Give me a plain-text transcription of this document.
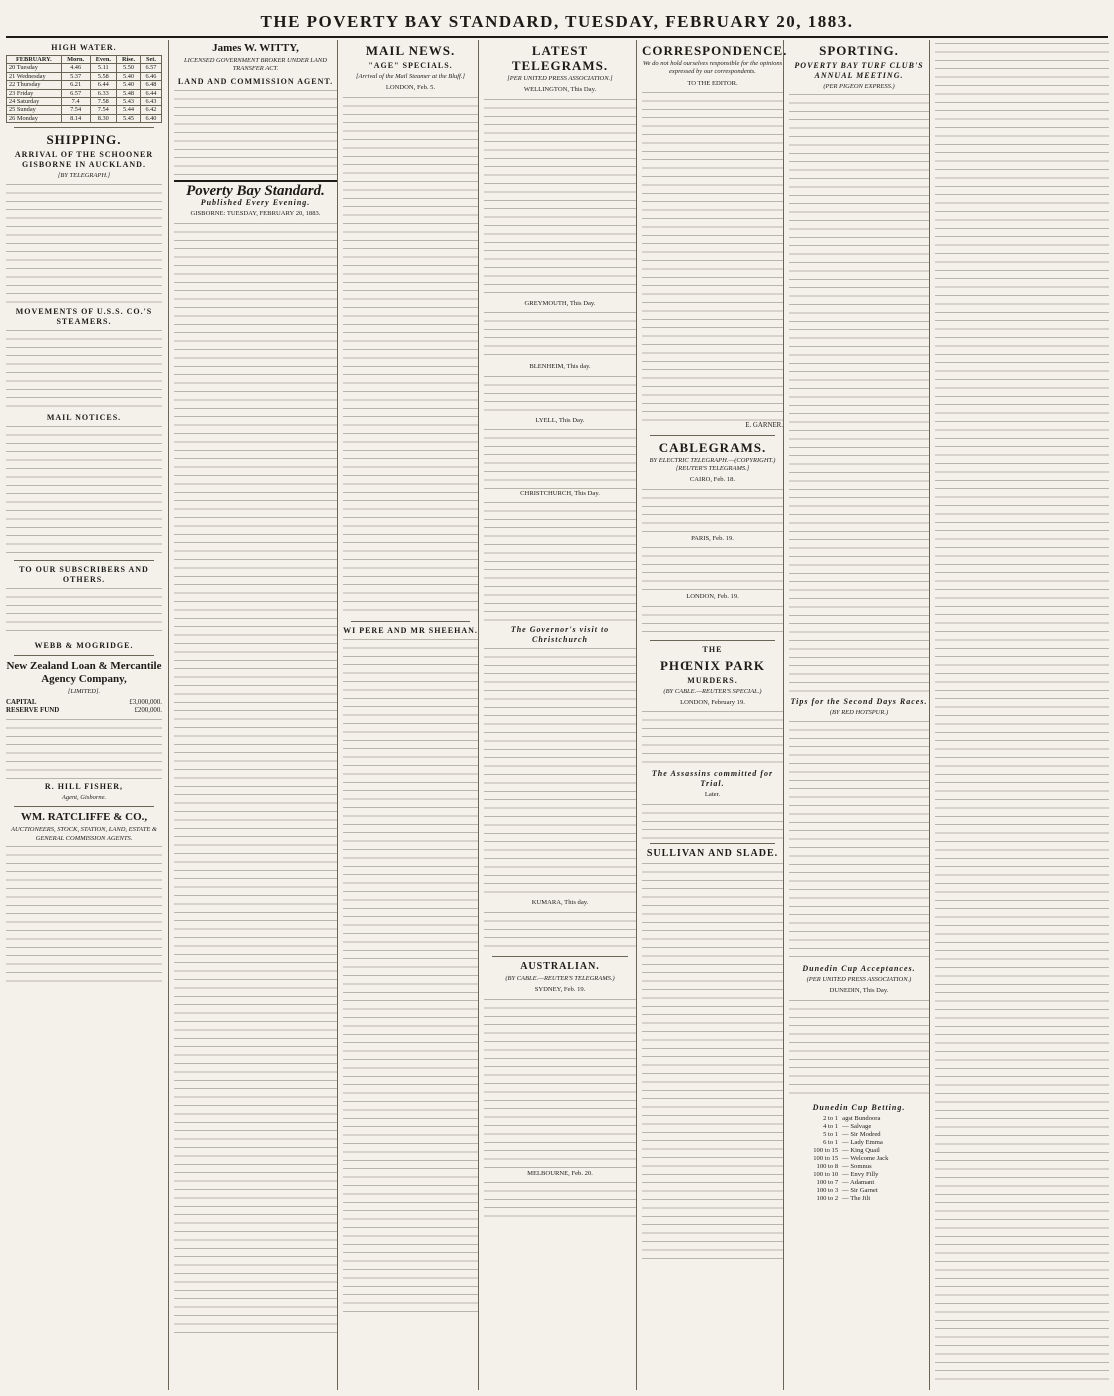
THE POVERTY BAY STANDARD, TUESDAY, FEBRUARY 20, 1883.
HIGH WATER.
FEBRUARY.	Morn.	Even.	Rise.	Set.
20 Tuesday	4.46	5.11	5.50	6.57
21 Wednesday	5.37	5.58	5.40	6.46
22 Thursday	6.21	6.44	5.40	6.48
23 Friday	6.57	6.33	5.48	6.44
24 Saturday	7.4	7.58	5.43	6.43
25 Sunday	7.54	7.54	5.44	6.42
26 Monday	8.14	8.30	5.45	6.40
SHIPPING.
ARRIVAL OF THE SCHOONER GISBORNE IN AUCKLAND.
[BY TELEGRAPH.]
MOVEMENTS OF U.S.S. CO.'S STEAMERS.
MAIL NOTICES.
TO OUR SUBSCRIBERS AND OTHERS.
WEBB & MOGRIDGE.
New Zealand Loan & Mercantile Agency Company,
[LIMITED].
CAPITAL	£3,000,000.
RESERVE FUND	£200,000.
R. HILL FISHER,
Agent, Gisborne.
WM. RATCLIFFE & CO.,
AUCTIONEERS, STOCK, STATION, LAND, ESTATE & GENERAL COMMISSION AGENTS.
James W. WITTY,
LICENSED GOVERNMENT BROKER UNDER LAND TRANSFER ACT.
LAND AND COMMISSION AGENT.
Poverty Bay Standard.
Published Every Evening.
GISBORNE: TUESDAY, FEBRUARY 20, 1883.
MAIL NEWS.
"AGE" SPECIALS.
[Arrival of the Mail Steamer at the Bluff.]
LONDON, Feb. 5.
WI PERE AND MR SHEEHAN.
LATEST TELEGRAMS.
[PER UNITED PRESS ASSOCIATION.]
WELLINGTON, This Day.
GREYMOUTH, This Day.
BLENHEIM, This day.
LYELL, This Day.
CHRISTCHURCH, This Day.
The Governor's visit to Christchurch
KUMARA, This day.
AUSTRALIAN.
(BY CABLE.—REUTER'S TELEGRAMS.)
SYDNEY, Feb. 19.
MELBOURNE, Feb. 20.
CORRESPONDENCE.
We do not hold ourselves responsible for the opinions expressed by our correspondents.
TO THE EDITOR.
E. GARNER.
CABLEGRAMS.
BY ELECTRIC TELEGRAPH.—(COPYRIGHT.) [REUTER'S TELEGRAMS.]
CAIRO, Feb. 18.
PARIS, Feb. 19.
LONDON, Feb. 19.
THE
PHŒNIX PARK
MURDERS.
(BY CABLE.—REUTER'S SPECIAL.)
LONDON, February 19.
The Assassins committed for Trial.
Later.
SULLIVAN AND SLADE.
SPORTING.
POVERTY BAY TURF CLUB'S ANNUAL MEETING.
(PER PIGEON EXPRESS.)
Tips for the Second Days Races.
(BY RED HOTSPUR.)
Dunedin Cup Acceptances.
(PER UNITED PRESS ASSOCIATION.)
DUNEDIN, This Day.
Dunedin Cup Betting.
2 to 1	agst Bundoora
4 to 1	— Salvage
5 to 1	— Sir Modred
6 to 1	— Lady Emma
100 to 15	— King Quail
100 to 15	— Welcome Jack
100 to 8	— Somnus
100 to 10	— Envy Filly
100 to 7	— Adamant
100 to 3	— Sir Garnet
100 to 2	— The Jilt
